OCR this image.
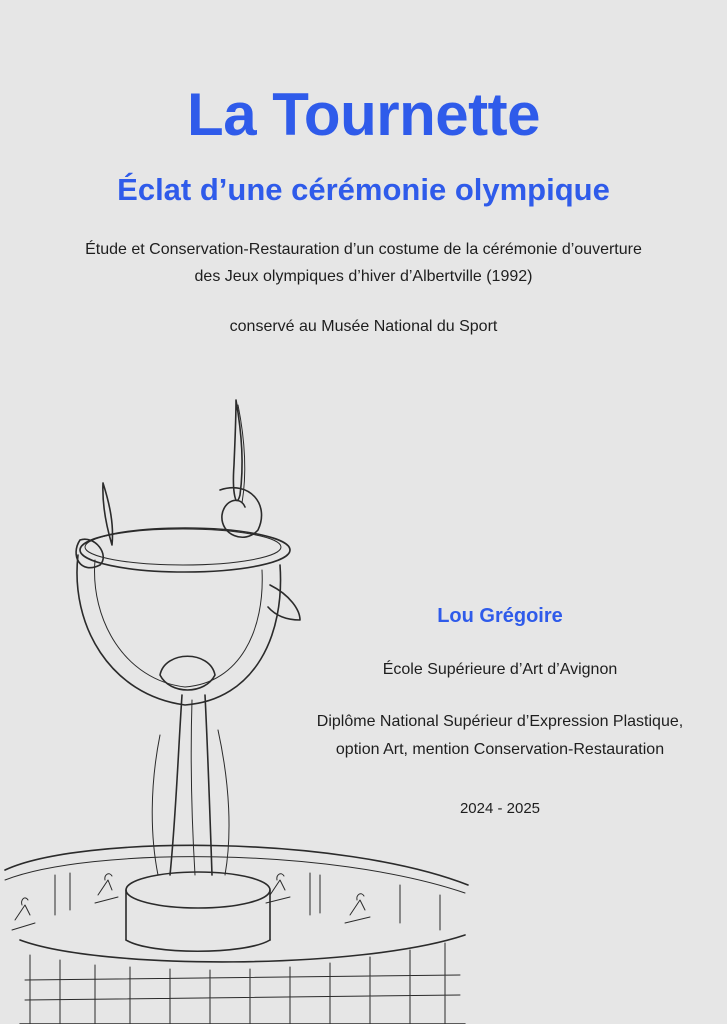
La Tournette
Éclat d’une cérémonie olympique
Étude et Conservation-Restauration d’un costume de la cérémonie d’ouverture
des Jeux olympiques d’hiver d’Albertville (1992)
conservé au Musée National du Sport
Lou Grégoire
École Supérieure d’Art d’Avignon
Diplôme National Supérieur d’Expression Plastique,
option Art, mention Conservation-Restauration
2024 - 2025
